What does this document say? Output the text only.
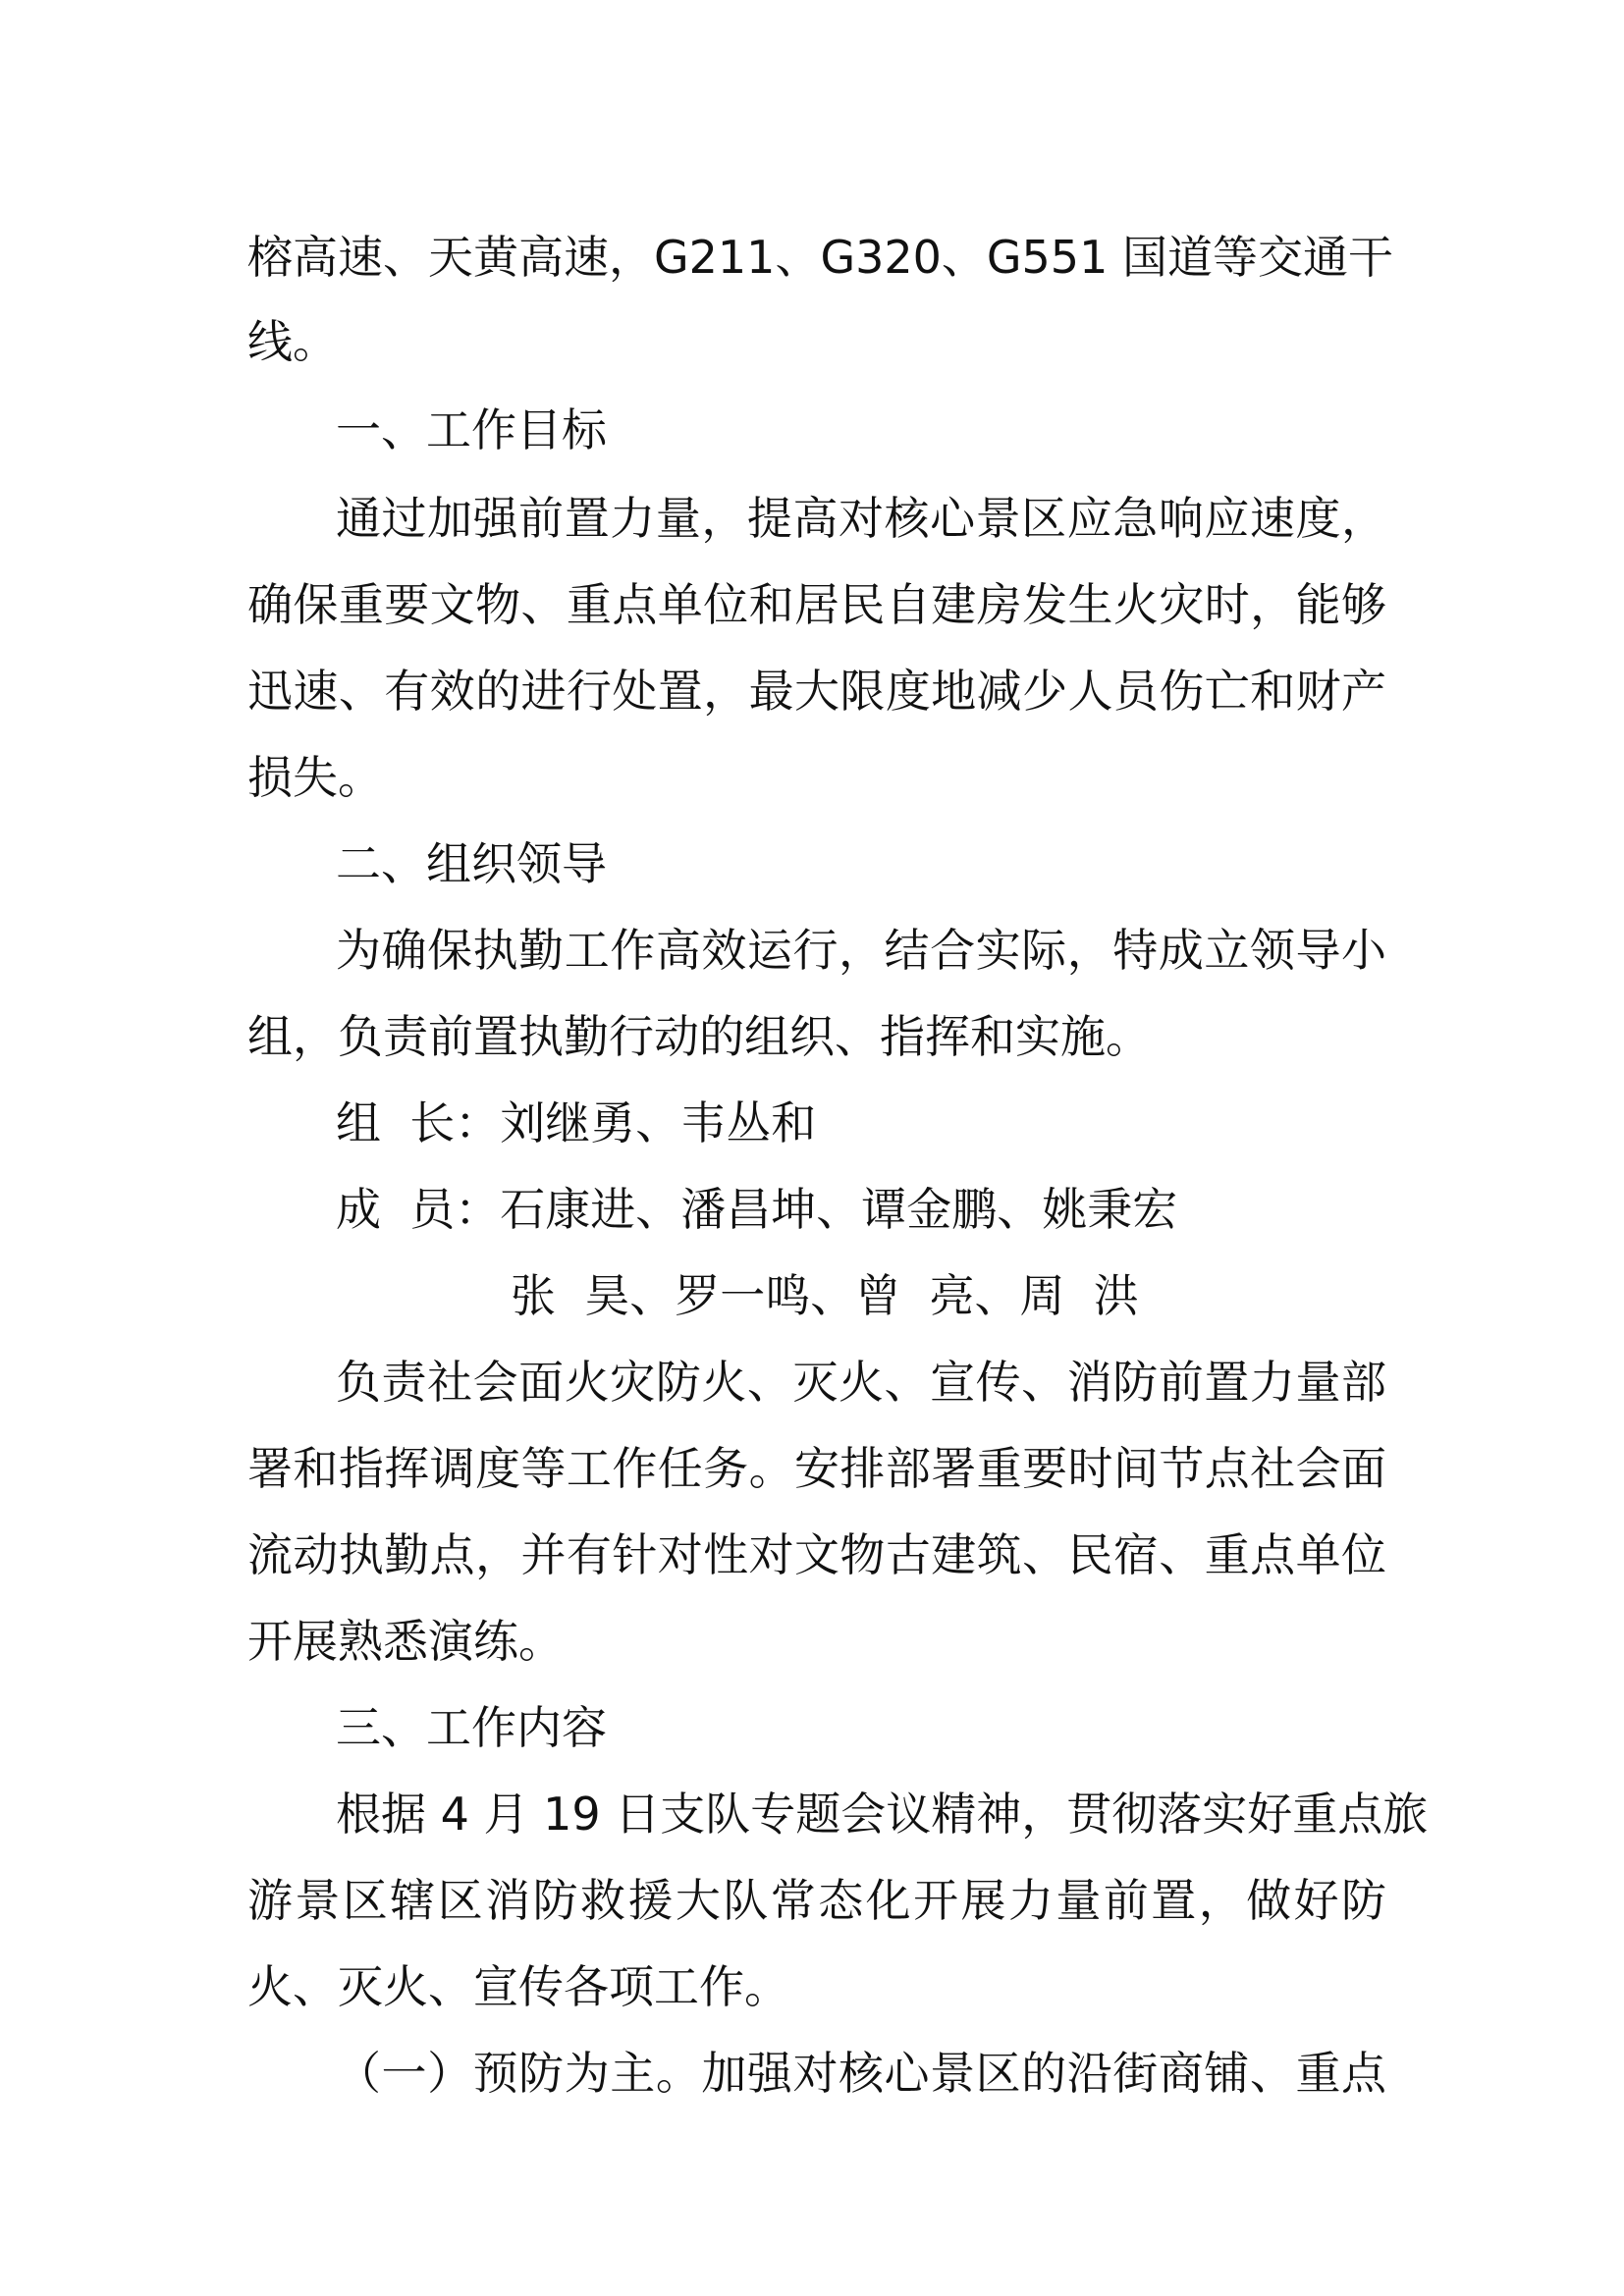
榕高速、天黄高速，G211、G320、G551 国道等交通干
线。
一、工作目标
通过加强前置力量，提高对核心景区应急响应速度，
确保重要文物、重点单位和居民自建房发生火灾时，能够
迅速、有效的进行处置，最大限度地减少人员伤亡和财产
损失。
二、组织领导
为确保执勤工作高效运行，结合实际，特成立领导小
组，负责前置执勤行动的组织、指挥和实施。
组  长：刘继勇、韦丛和
成  员：石康进、潘昌坤、谭金鹏、姚秉宏
张  昊、罗一鸣、曾  亮、周  洪
负责社会面火灾防火、灭火、宣传、消防前置力量部
署和指挥调度等工作任务。安排部署重要时间节点社会面
流动执勤点，并有针对性对文物古建筑、民宿、重点单位
开展熟悉演练。
三、工作内容
根据 4 月 19 日支队专题会议精神，贯彻落实好重点旅
游景区辖区消防救援大队常态化开展力量前置，做好防
火、灭火、宣传各项工作。
（一）预防为主。加强对核心景区的沿街商铺、重点
